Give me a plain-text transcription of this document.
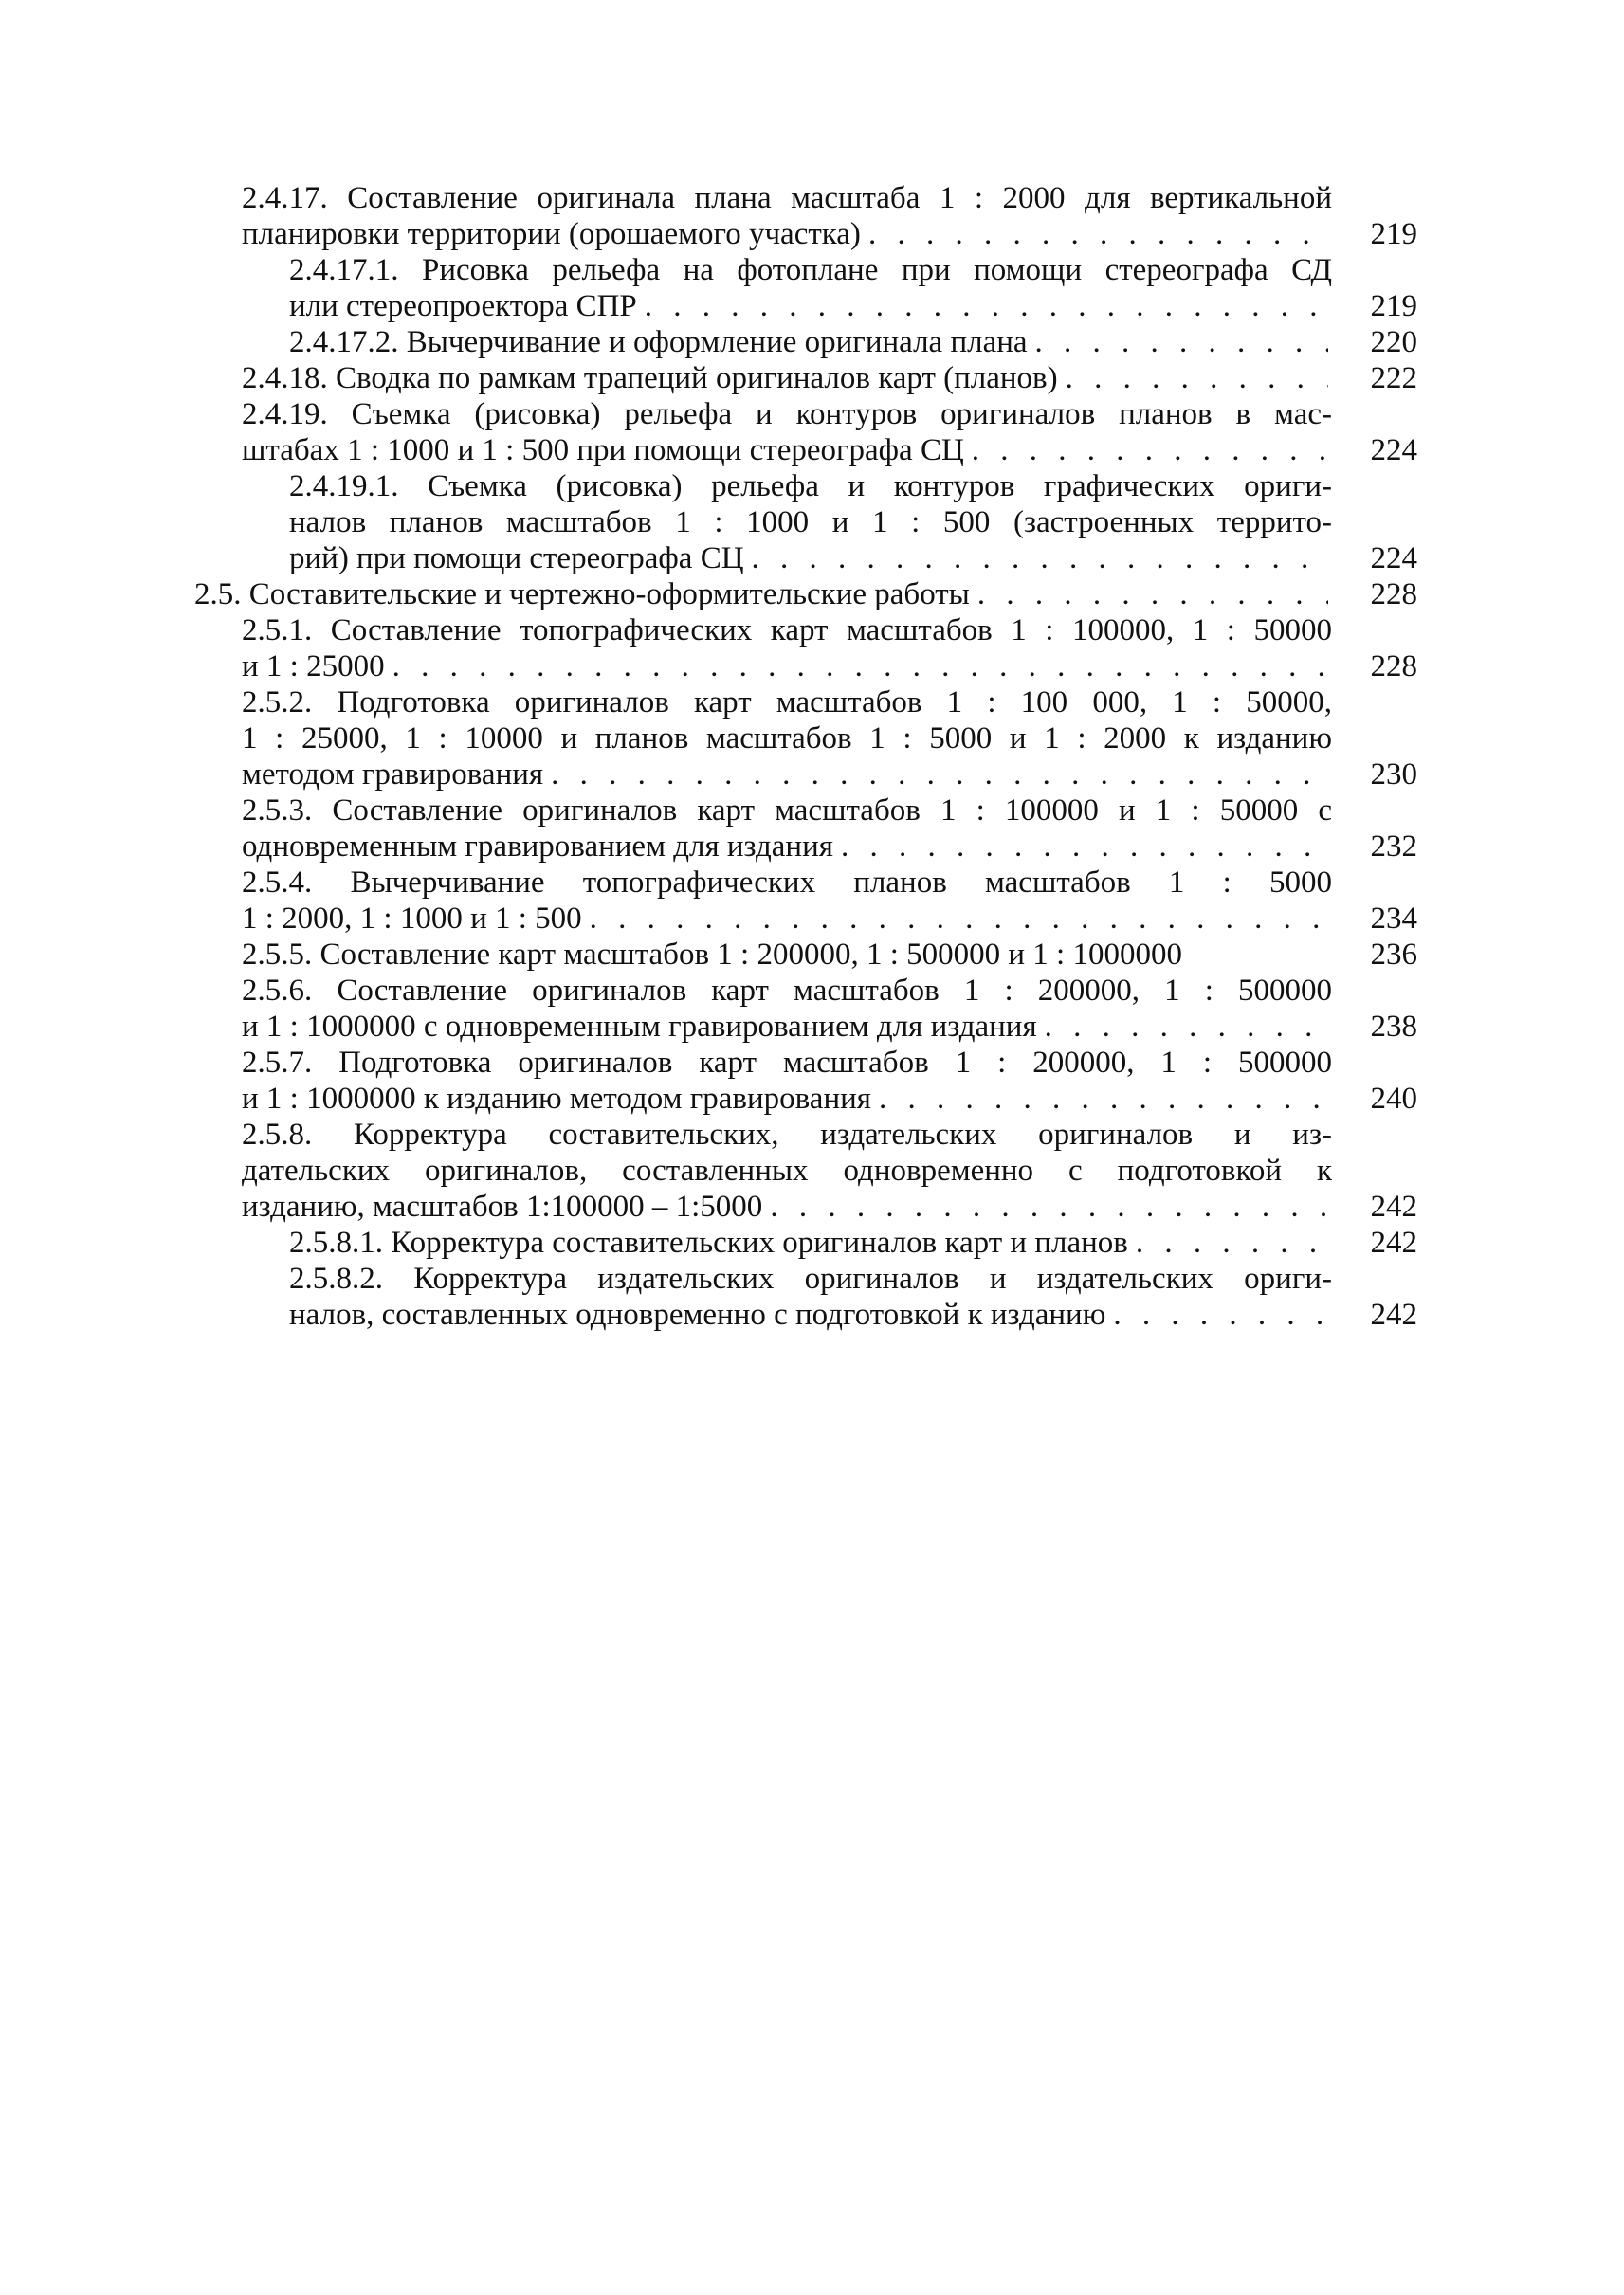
2.4.17. Составление оригинала плана масштаба 1 : 2000 для вертикальной
планировки территории (орошаемого участка) . . .	219
2.4.17.1. Рисовка рельефа на фотоплане при помощи стереографа СД
или стереопроектора СПР . . .	219
2.4.17.2. Вычерчивание и оформление оригинала плана . . .	220
2.4.18. Сводка по рамкам трапеций оригиналов карт (планов) . . .	222
2.4.19. Съемка (рисовка) рельефа и контуров оригиналов планов в мас-
штабах 1 : 1000 и 1 : 500 при помощи стереографа СЦ . . .	224
2.4.19.1. Съемка (рисовка) рельефа и контуров графических ориги-
налов планов масштабов 1 : 1000 и 1 : 500 (застроенных террито-
рий) при помощи стереографа СЦ . . .	224
2.5. Составительские и чертежно-оформительские работы . . .	228
2.5.1. Составление топографических карт масштабов 1 : 100000, 1 : 50000
и 1 : 25000 . . .	228
2.5.2. Подготовка оригиналов карт масштабов 1 : 100 000, 1 : 50000,
1 : 25000, 1 : 10000 и планов масштабов 1 : 5000 и 1 : 2000 к изданию
методом гравирования . . .	230
2.5.3. Составление оригиналов карт масштабов 1 : 100000 и 1 : 50000 с
одновременным гравированием для издания . . .	232
2.5.4. Вычерчивание топографических планов масштабов 1 : 5000
1 : 2000, 1 : 1000 и 1 : 500 . . .	234
2.5.5. Составление карт масштабов 1 : 200000, 1 : 500000 и 1 : 1000000	236
2.5.6. Составление оригиналов карт масштабов 1 : 200000, 1 : 500000
и 1 : 1000000 с одновременным гравированием для издания . . .	238
2.5.7. Подготовка оригиналов карт масштабов 1 : 200000, 1 : 500000
и 1 : 1000000 к изданию методом гравирования . . .	240
2.5.8. Корректура составительских, издательских оригиналов и из-
дательских оригиналов, составленных одновременно с подготовкой к
изданию, масштабов 1:100000 – 1:5000 . . .	242
2.5.8.1. Корректура составительских оригиналов карт и планов . . .	242
2.5.8.2. Корректура издательских оригиналов и издательских ориги-
налов, составленных одновременно с подготовкой к изданию . . .	242
